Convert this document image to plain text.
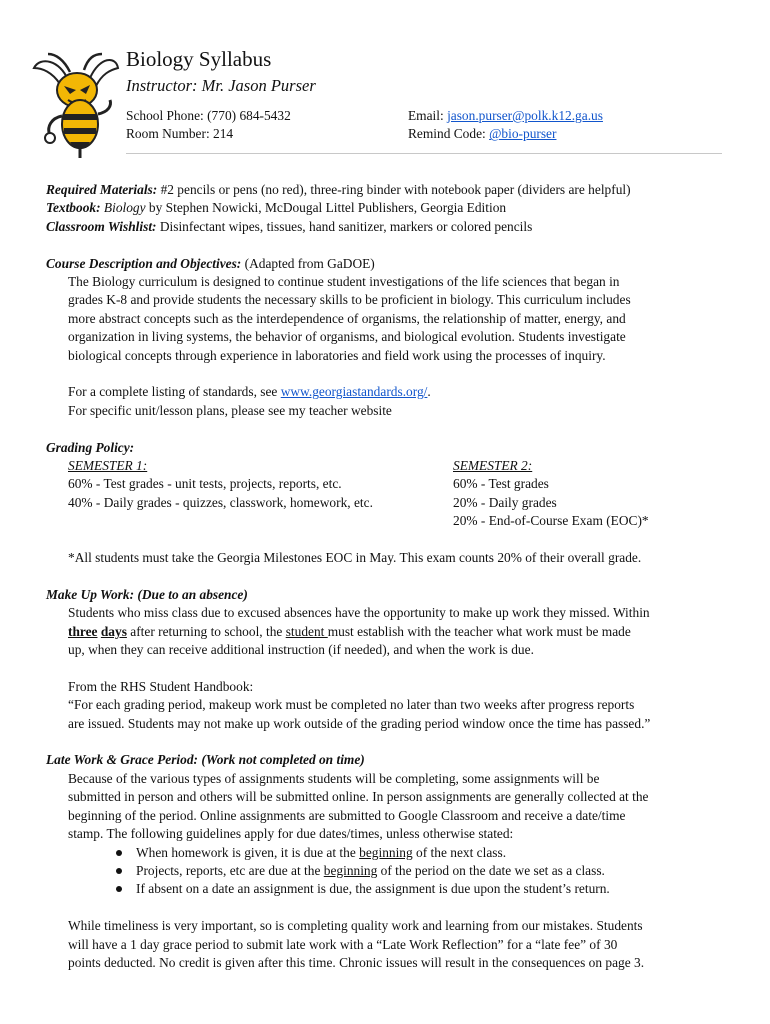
Biology Syllabus
Instructor: Mr. Jason Purser
School Phone: (770) 684-5432
Room Number: 214
Email: jason.purser@polk.k12.ga.us
Remind Code: @bio-purser

Required Materials: #2 pencils or pens (no red), three-ring binder with notebook paper (dividers are helpful)

Textbook: Biology by Stephen Nowicki, McDougal Littel Publishers, Georgia Edition

Classroom Wishlist: Disinfectant wipes, tissues, hand sanitizer, markers or colored pencils

Course Description and Objectives: (Adapted from GaDOE)

The Biology curriculum is designed to continue student investigations of the life sciences that began in

grades K-8 and provide students the necessary skills to be proficient in biology. This curriculum includes

more abstract concepts such as the interdependence of organisms, the relationship of matter, energy, and

organization in living systems, the behavior of organisms, and biological evolution. Students investigate

biological concepts through experience in laboratories and field work using the processes of inquiry.

For a complete listing of standards, see www.georgiastandards.org/.

For specific unit/lesson plans, please see my teacher website

Grading Policy:

SEMESTER 1:

60% - Test grades - unit tests, projects, reports, etc.

40% - Daily grades - quizzes, classwork, homework, etc.

SEMESTER 2:

60% - Test grades

20% - Daily grades

20% - End-of-Course Exam (EOC)*

*All students must take the Georgia Milestones EOC in May. This exam counts 20% of their overall grade.

Make Up Work: (Due to an absence)

Students who miss class due to excused absences have the opportunity to make up work they missed. Within

three days after returning to school, the student must establish with the teacher what work must be made

up, when they can receive additional instruction (if needed), and when the work is due.

From the RHS Student Handbook:

“For each grading period, makeup work must be completed no later than two weeks after progress reports

are issued. Students may not make up work outside of the grading period window once the time has passed.”

Late Work & Grace Period: (Work not completed on time)

Because of the various types of assignments students will be completing, some assignments will be

submitted in person and others will be submitted online. In person assignments are generally collected at the

beginning of the period. Online assignments are submitted to Google Classroom and receive a date/time

stamp. The following guidelines apply for due dates/times, unless otherwise stated:

When homework is given, it is due at the beginning of the next class.
Projects, reports, etc are due at the beginning of the period on the date we set as a class.
If absent on a date an assignment is due, the assignment is due upon the student’s return.

While timeliness is very important, so is completing quality work and learning from our mistakes. Students

will have a 1 day grace period to submit late work with a “Late Work Reflection” for a “late fee” of 30

points deducted. No credit is given after this time. Chronic issues will result in the consequences on page 3.
